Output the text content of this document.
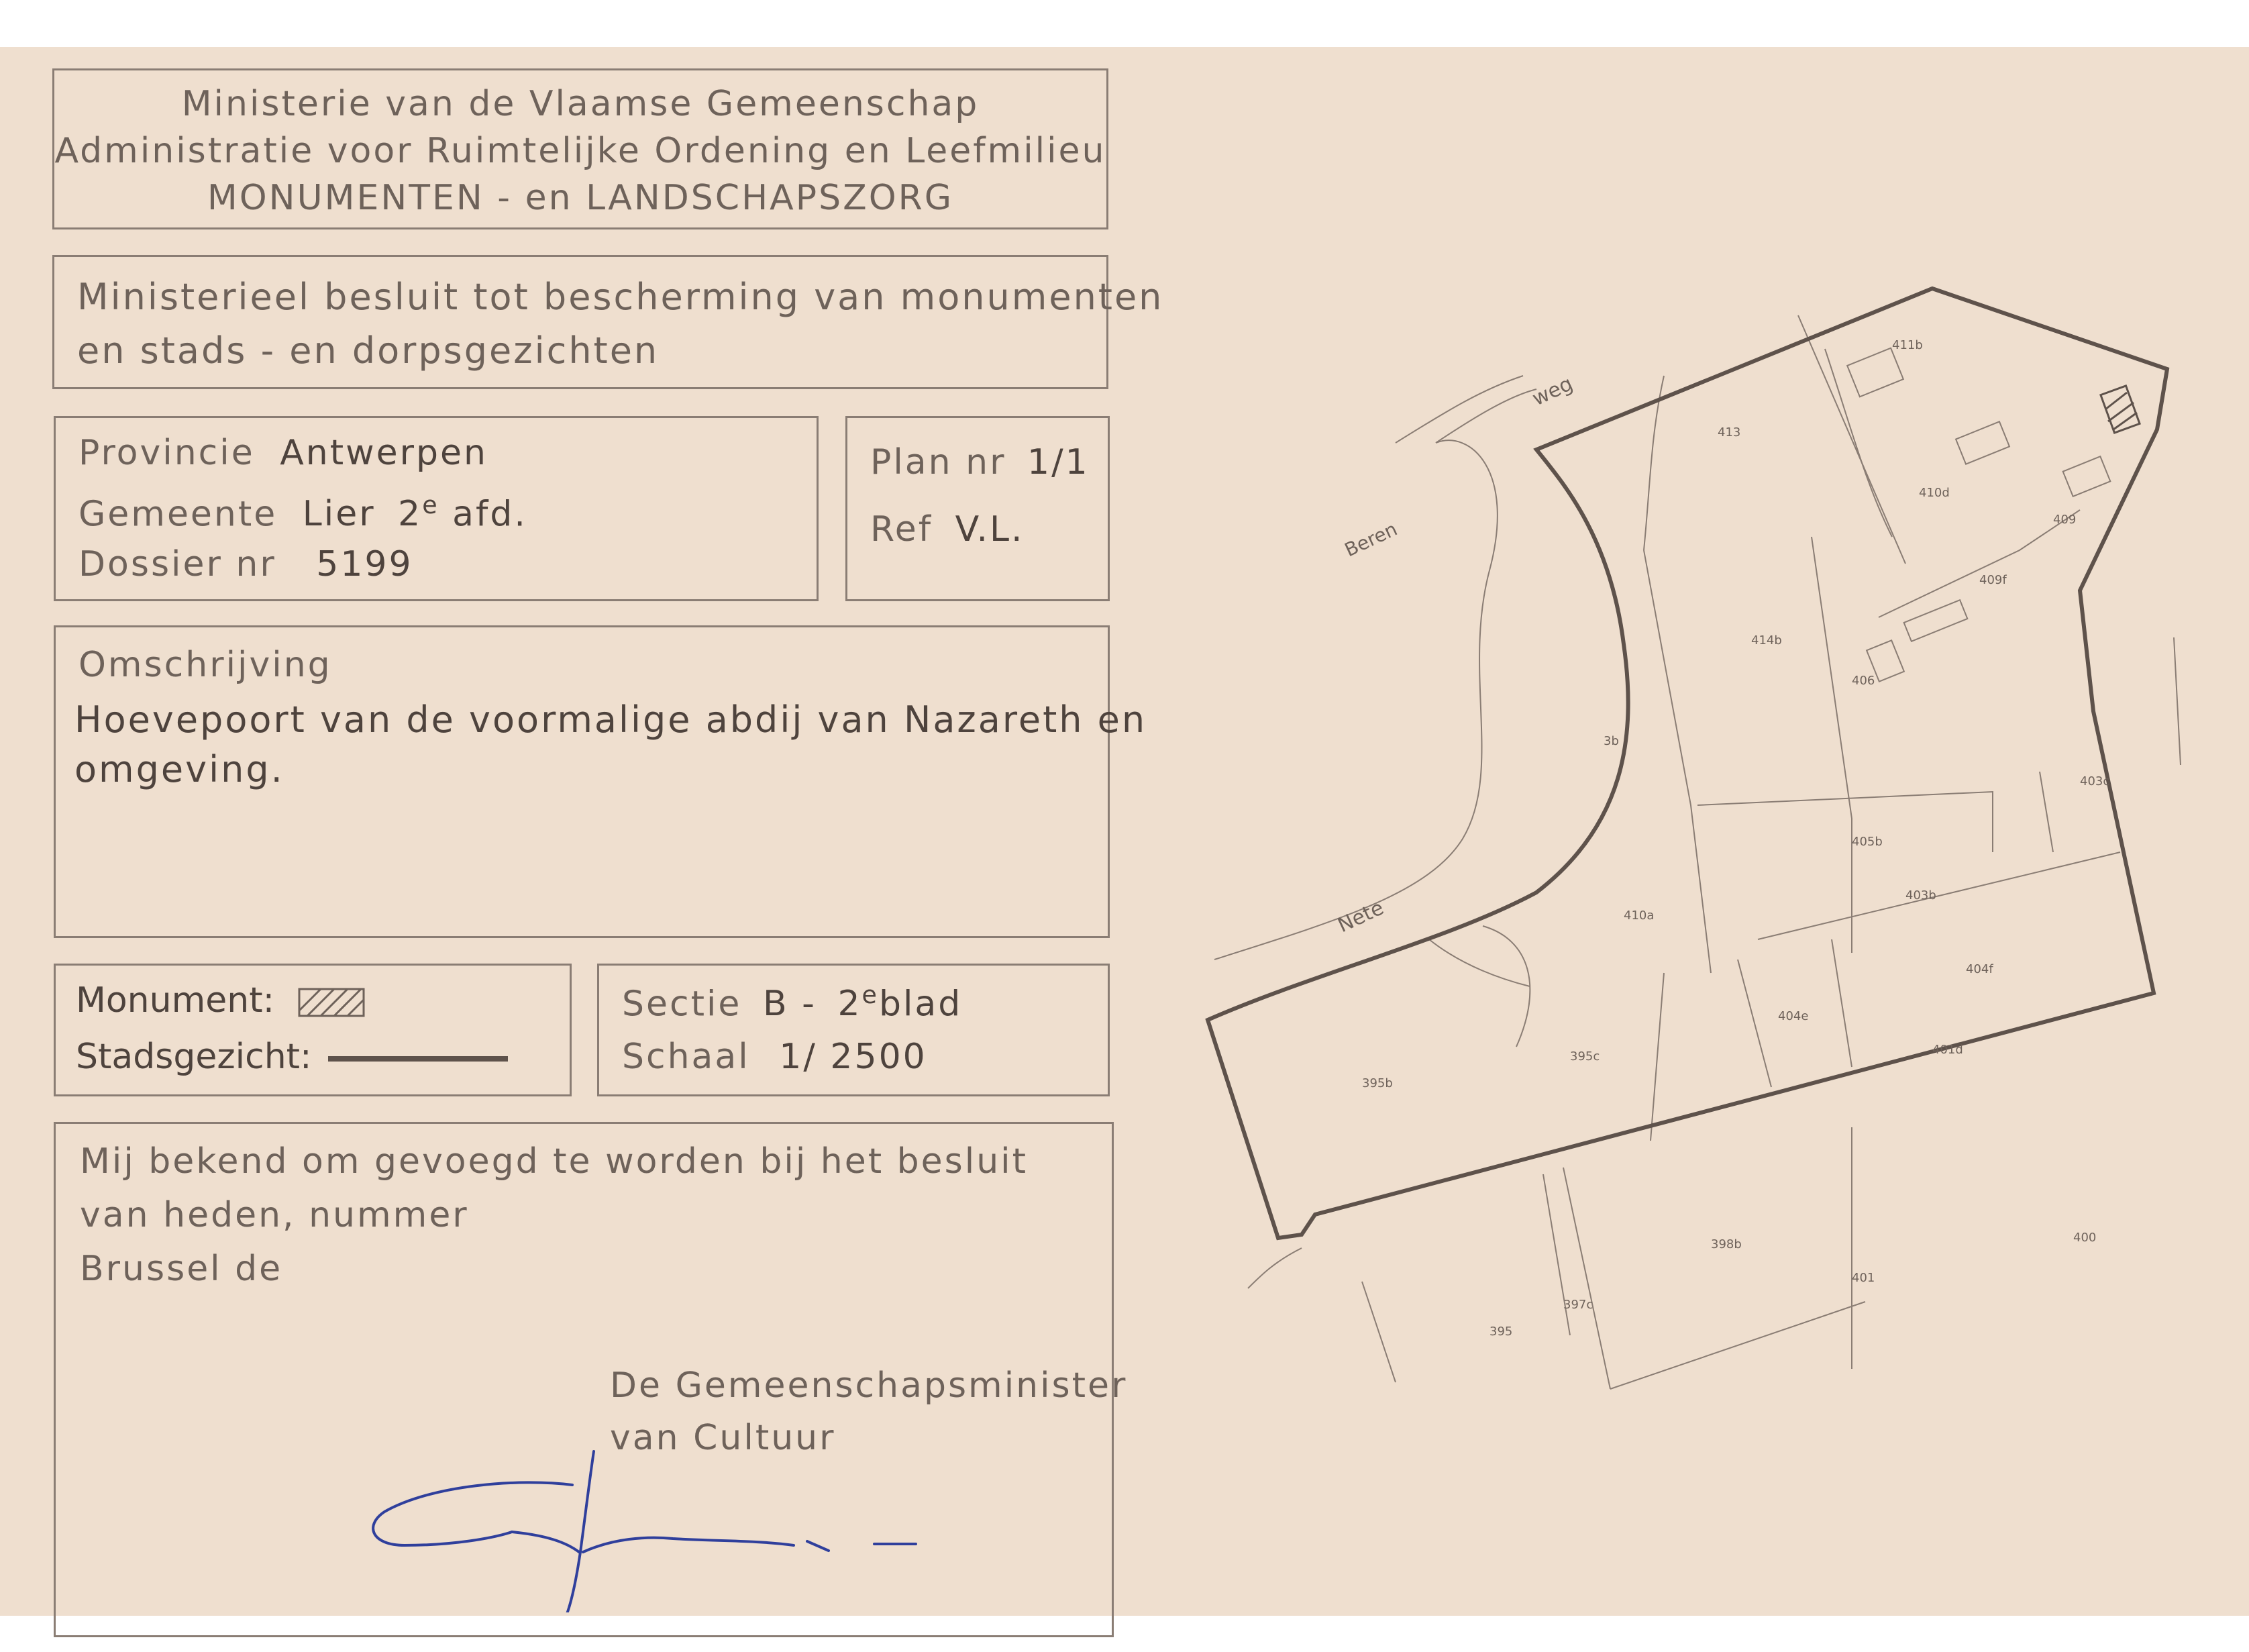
Ministerie van de Vlaamse Gemeenschap
Administratie voor Ruimtelijke Ordening en Leefmilieu
MONUMENTEN - en LANDSCHAPSZORG
Ministerieel besluit tot bescherming van monumenten
en stads - en dorpsgezichten
Provincie Antwerpen
Gemeente Lier 2e afd.
Dossier nr 5199
Plan nr 1/1
Ref V.L.
Omschrijving
Hoevepoort van de voormalige abdij van Nazareth en
omgeving.
Monument:
Stadsgezicht:
Sectie B - 2eblad
Schaal 1/ 2500
Mij bekend om gevoegd te worden bij het besluit
van heden, nummer
Brussel de
De Gemeenschapsminister
van Cultuur
weg
Beren
Nete
411b
413
410d
409
409f
414b
406
403c
405b
403b
404f
404e
410a
401d
395c
395b
398b
401
395
397c
400
3b
